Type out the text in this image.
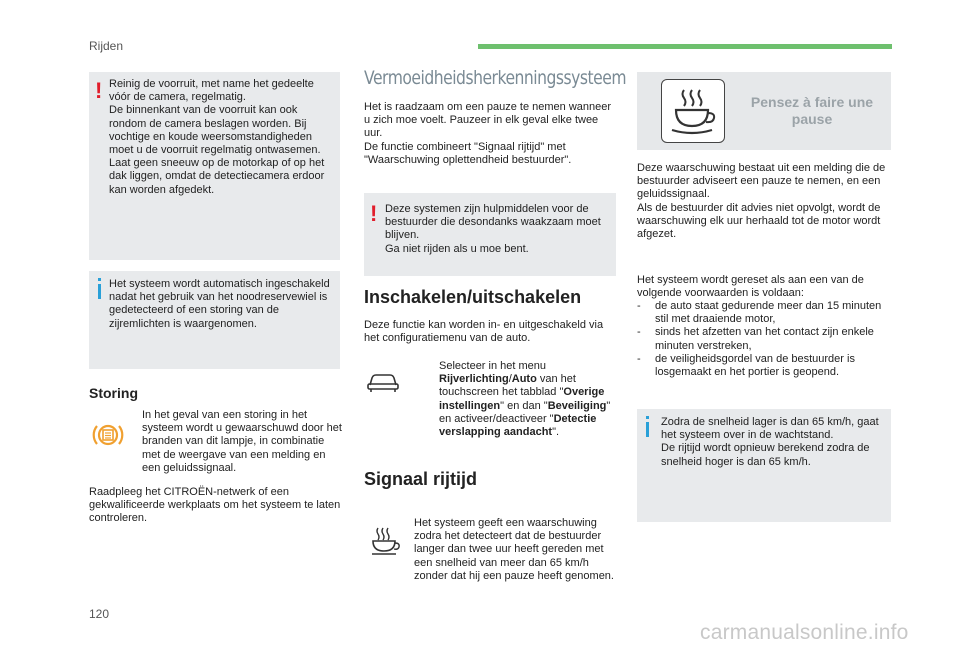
Rijden
! Reinig de voorruit, met name het gedeelte vóór de camera, regelmatig.
De binnenkant van de voorruit kan ook rondom de camera beslagen worden. Bij vochtige en koude weersomstandigheden moet u de voorruit regelmatig ontwasemen.
Laat geen sneeuw op de motorkap of op het dak liggen, omdat de detectiecamera erdoor kan worden afgedekt.
Het systeem wordt automatisch ingeschakeld nadat het gebruik van het noodreservewiel is gedetecteerd of een storing van de zijremlichten is waargenomen.
Storing
In het geval van een storing in het systeem wordt u gewaarschuwd door het branden van dit lampje, in combinatie met de weergave van een melding en een geluidssignaal.
Raadpleeg het CITROËN-netwerk of een gekwalificeerde werkplaats om het systeem te laten controleren.
Vermoeidheidsherkenningssysteem
Het is raadzaam om een pauze te nemen wanneer u zich moe voelt. Pauzeer in elk geval elke twee uur.
De functie combineert "Signaal rijtijd" met "Waarschuwing oplettendheid bestuurder".
! Deze systemen zijn hulpmiddelen voor de bestuurder die desondanks waakzaam moet blijven.
Ga niet rijden als u moe bent.
Inschakelen/uitschakelen
Deze functie kan worden in- en uitgeschakeld via het configuratiemenu van de auto.
Selecteer in het menu
Rijverlichting/Auto van het touchscreen het tabblad "Overige instellingen" en dan "Beveiliging" en activeer/deactiveer "Detectie verslapping aandacht".
Signaal rijtijd
Het systeem geeft een waarschuwing zodra het detecteert dat de bestuurder langer dan twee uur heeft gereden met een snelheid van meer dan 65 km/h zonder dat hij een pauze heeft genomen.
Pensez à faire une pause
Deze waarschuwing bestaat uit een melding die de bestuurder adviseert een pauze te nemen, en een geluidssignaal.
Als de bestuurder dit advies niet opvolgt, wordt de waarschuwing elk uur herhaald tot de motor wordt afgezet.
Het systeem wordt gereset als aan een van de volgende voorwaarden is voldaan:
- de auto staat gedurende meer dan 15 minuten stil met draaiende motor,
- sinds het afzetten van het contact zijn enkele minuten verstreken,
- de veiligheidsgordel van de bestuurder is losgemaakt en het portier is geopend.
Zodra de snelheid lager is dan 65 km/h, gaat het systeem over in de wachtstand.
De rijtijd wordt opnieuw berekend zodra de snelheid hoger is dan 65 km/h.
120
carmanualsonline.info
